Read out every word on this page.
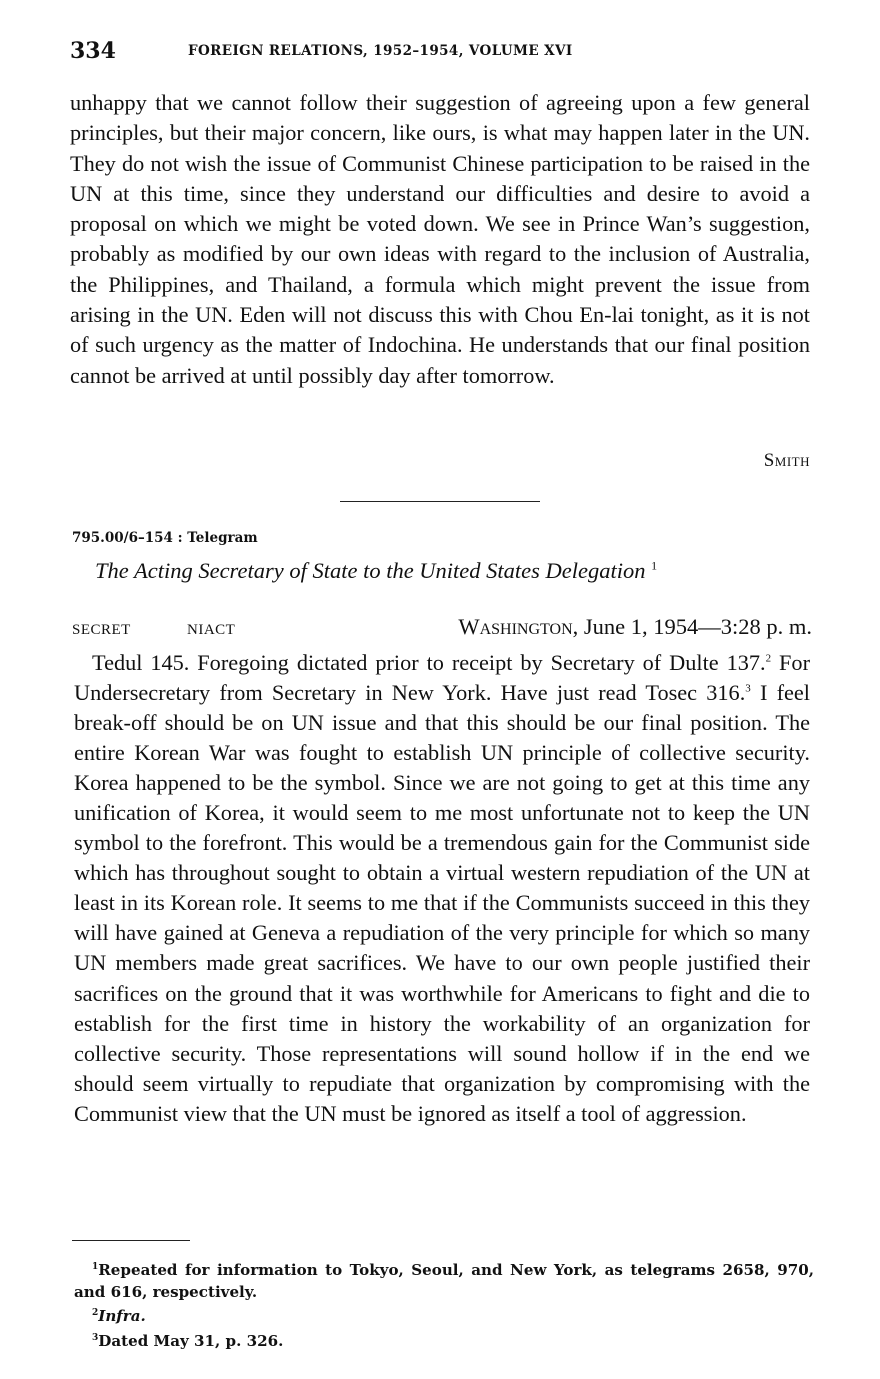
334	FOREIGN RELATIONS, 1952–1954, VOLUME XVI

unhappy that we cannot follow their suggestion of agreeing upon a few general principles, but their major concern, like ours, is what may happen later in the UN. They do not wish the issue of Communist Chinese participation to be raised in the UN at this time, since they understand our difficulties and desire to avoid a proposal on which we might be voted down. We see in Prince Wan’s suggestion, probably as modified by our own ideas with regard to the inclusion of Australia, the Philippines, and Thailand, a formula which might prevent the issue from arising in the UN. Eden will not discuss this with Chou En-lai tonight, as it is not of such urgency as the matter of Indochina. He understands that our final position cannot be arrived at until possibly day after tomorrow.

Smith
795.00/6–154 : Telegram
The Acting Secretary of State to the United States Delegation $^1$
SECRET	NIACT	Washington, June 1, 1954—3:28 p. m.

Tedul 145. Foregoing dictated prior to receipt by Secretary of Dulte 137.$^2$ For Undersecretary from Secretary in New York. Have just read Tosec 316.$^3$ I feel break-off should be on UN issue and that this should be our final position. The entire Korean War was fought to establish UN principle of collective security. Korea happened to be the symbol. Since we are not going to get at this time any unification of Korea, it would seem to me most unfortunate not to keep the UN symbol to the forefront. This would be a tremendous gain for the Communist side which has throughout sought to obtain a virtual western repudiation of the UN at least in its Korean role. It seems to me that if the Communists succeed in this they will have gained at Geneva a repudiation of the very principle for which so many UN members made great sacrifices. We have to our own people justified their sacrifices on the ground that it was worthwhile for Americans to fight and die to establish for the first time in history the workability of an organization for collective security. Those representations will sound hollow if in the end we should seem virtually to repudiate that organization by compromising with the Communist view that the UN must be ignored as itself a tool of aggression.

$^1$Repeated for information to Tokyo, Seoul, and New York, as telegrams 2658, 970, and 616, respectively.

$^2$Infra.

$^3$Dated May 31, p. 326.
